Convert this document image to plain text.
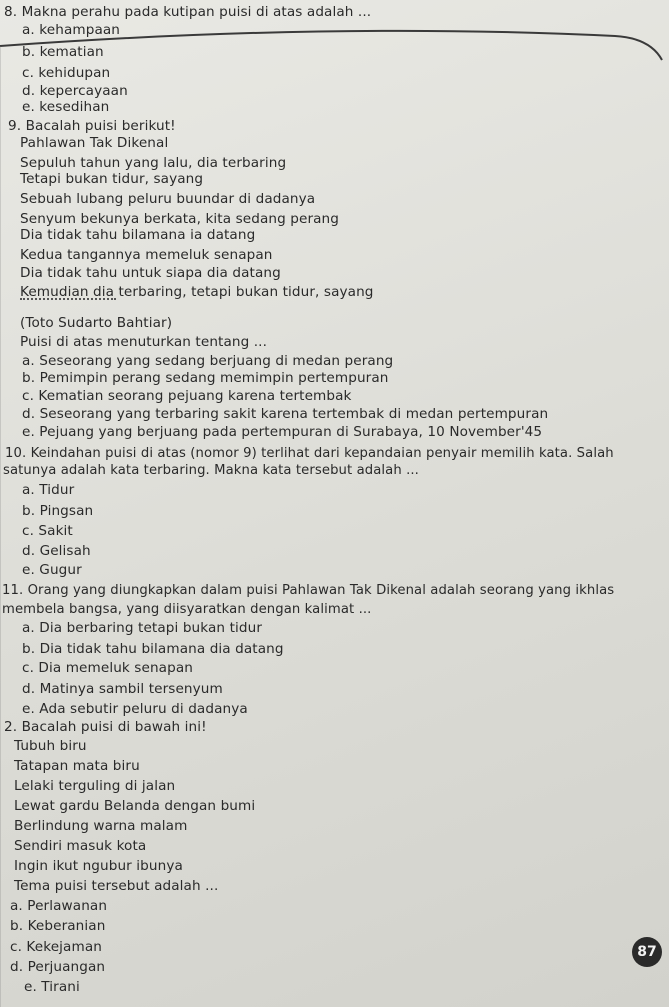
8. Makna perahu pada kutipan puisi di atas adalah ...
a. kehampaan
b. kematian
c. kehidupan
d. kepercayaan
e. kesedihan
9. Bacalah puisi berikut!
Pahlawan Tak Dikenal
Sepuluh tahun yang lalu, dia terbaring
Tetapi bukan tidur, sayang
Sebuah lubang peluru buundar di dadanya
Senyum bekunya berkata, kita sedang perang
Dia tidak tahu bilamana ia datang
Kedua tangannya memeluk senapan
Dia tidak tahu untuk siapa dia datang
Kemudian dia terbaring, tetapi bukan tidur, sayang
(Toto Sudarto Bahtiar)
Puisi di atas menuturkan tentang ...
a. Seseorang yang sedang berjuang di medan perang
b. Pemimpin perang sedang memimpin pertempuran
c. Kematian seorang pejuang karena tertembak
d. Seseorang yang terbaring sakit karena tertembak di medan pertempuran
e. Pejuang yang berjuang pada pertempuran di Surabaya, 10 November'45
10. Keindahan puisi di atas (nomor 9) terlihat dari kepandaian penyair memilih kata. Salah
satunya adalah kata terbaring. Makna kata tersebut adalah ...
a. Tidur
b. Pingsan
c. Sakit
d. Gelisah
e. Gugur
11. Orang yang diungkapkan dalam puisi Pahlawan Tak Dikenal adalah seorang yang ikhlas
membela bangsa, yang diisyaratkan dengan kalimat ...
a. Dia berbaring tetapi bukan tidur
b. Dia tidak tahu bilamana dia datang
c. Dia memeluk senapan
d. Matinya sambil tersenyum
e. Ada sebutir peluru di dadanya
2. Bacalah puisi di bawah ini!
Tubuh biru
Tatapan mata biru
Lelaki terguling di jalan
Lewat gardu Belanda dengan bumi
Berlindung warna malam
Sendiri masuk kota
Ingin ikut ngubur ibunya
Tema puisi tersebut adalah ...
a. Perlawanan
b. Keberanian
c. Kekejaman
d. Perjuangan
e. Tirani
87
